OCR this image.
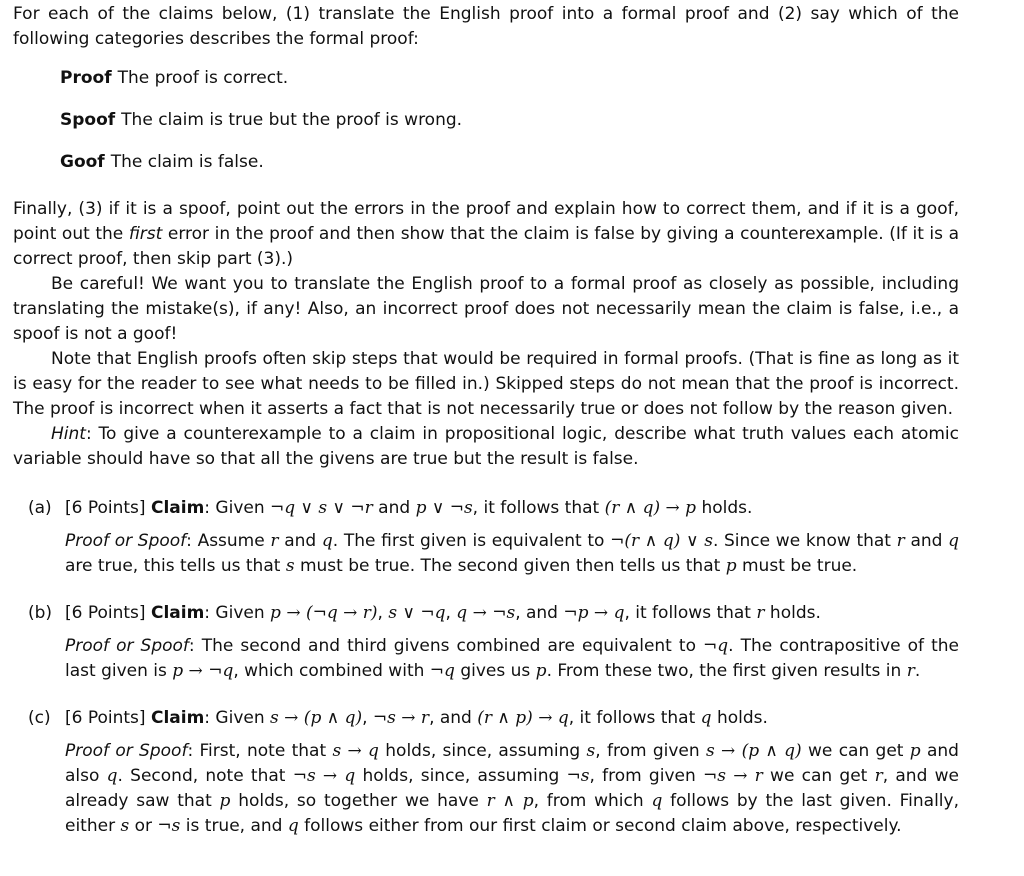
For each of the claims below, (1) translate the English proof into a formal proof and (2) say which of the following categories describes the formal proof:

Proof The proof is correct.

Spoof The claim is true but the proof is wrong.

Goof The claim is false.

Finally, (3) if it is a spoof, point out the errors in the proof and explain how to correct them, and if it is a goof, point out the first error in the proof and then show that the claim is false by giving a counterexample. (If it is a correct proof, then skip part (3).)

Be careful! We want you to translate the English proof to a formal proof as closely as possible, including translating the mistake(s), if any! Also, an incorrect proof does not necessarily mean the claim is false, i.e., a spoof is not a goof!

Note that English proofs often skip steps that would be required in formal proofs. (That is fine as long as it is easy for the reader to see what needs to be filled in.) Skipped steps do not mean that the proof is incorrect. The proof is incorrect when it asserts a fact that is not necessarily true or does not follow by the reason given.

Hint: To give a counterexample to a claim in propositional logic, describe what truth values each atomic variable should have so that all the givens are true but the result is false.

(a) [6 Points] Claim: Given ¬q ∨ s ∨ ¬r and p ∨ ¬s, it follows that (r ∧ q) → p holds.

Proof or Spoof: Assume r and q. The first given is equivalent to ¬(r ∧ q) ∨ s. Since we know that r and q are true, this tells us that s must be true. The second given then tells us that p must be true.

(b) [6 Points] Claim: Given p → (¬q → r), s ∨ ¬q, q → ¬s, and ¬p → q, it follows that r holds.

Proof or Spoof: The second and third givens combined are equivalent to ¬q. The contrapositive of the last given is p → ¬q, which combined with ¬q gives us p. From these two, the first given results in r.

(c) [6 Points] Claim: Given s → (p ∧ q), ¬s → r, and (r ∧ p) → q, it follows that q holds.

Proof or Spoof: First, note that s → q holds, since, assuming s, from given s → (p ∧ q) we can get p and also q. Second, note that ¬s → q holds, since, assuming ¬s, from given ¬s → r we can get r, and we already saw that p holds, so together we have r ∧ p, from which q follows by the last given. Finally, either s or ¬s is true, and q follows either from our first claim or second claim above, respectively.
